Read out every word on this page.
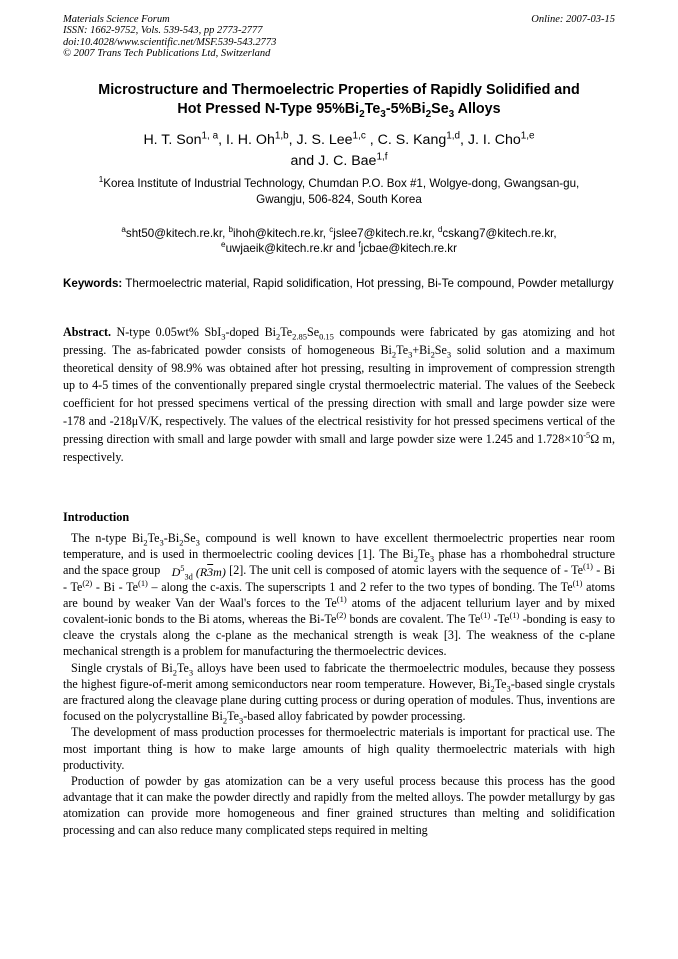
Materials Science Forum
ISSN: 1662-9752, Vols. 539-543, pp 2773-2777
doi:10.4028/www.scientific.net/MSF.539-543.2773
© 2007 Trans Tech Publications Ltd, Switzerland
Online: 2007-03-15
Microstructure and Thermoelectric Properties of Rapidly Solidified and
Hot Pressed N-Type $95\%Bi_2Te_3-5\%Bi_2Se_3$ Alloys
H. T. Son$^{1, a}$, I. H. Oh$^{1,b}$, J. S. Lee$^{1,c}$ , C. S. Kang$^{1,d}$, J. I. Cho$^{1,e}$
and J. C. Bae$^{1,f}$
$^1$Korea Institute of Industrial Technology, Chumdan P.O. Box #1, Wolgye-dong, Gwangsan-gu,
Gwangju, 506-824, South Korea
$^a$sht50@kitech.re.kr, $^b$ihoh@kitech.re.kr, $^c$jslee7@kitech.re.kr, $^d$cskang7@kitech.re.kr,
$^e$uwjaeik@kitech.re.kr and $^f$jcbae@kitech.re.kr
Keywords: Thermoelectric material, Rapid solidification, Hot pressing, Bi-Te compound, Powder metallurgy
Abstract. N-type 0.05wt% SbI$_3$-doped $Bi_2Te_{2.85}Se_{0.15}$ compounds were fabricated by gas atomizing and hot pressing. The as-fabricated powder consists of homogeneous $Bi_2Te_3+Bi_2Se_3$ solid solution and a maximum theoretical density of 98.9% was obtained after hot pressing, resulting in improvement of compression strength up to 4-5 times of the conventionally prepared single crystal thermoelectric material. The values of the Seebeck coefficient for hot pressed specimens vertical of the pressing direction with small and large powder size were -178 and -218μV/K, respectively. The values of the electrical resistivity for hot pressed specimens vertical of the pressing direction with small and large powder with small and large powder size were 1.245 and $1.728\times 10^{-5}\Omega$ m, respectively.
Introduction

The n-type $Bi_2Te_3-Bi_2Se_3$ compound is well known to have excellent thermoelectric properties near room temperature, and is used in thermoelectric cooling devices [1]. The $Bi_2Te_3$ phase has a rhombohedral structure and the space group $D^5_{3d}$ (R3m) [2]. The unit cell is composed of atomic layers with the sequence of - Te$^{(1)}$ - Bi - Te$^{(2)}$ - Bi - Te$^{(1)}$ – along the c-axis. The superscripts 1 and 2 refer to the two types of bonding. The Te$^{(1)}$ atoms are bound by weaker Van der Waal's forces to the Te$^{(1)}$ atoms of the adjacent tellurium layer and by mixed covalent-ionic bonds to the Bi atoms, whereas the Bi-Te$^{(2)}$ bonds are covalent. The Te$^{(1)}$ -Te$^{(1)}$ -bonding is easy to cleave the crystals along the c-plane as the mechanical strength is weak [3]. The weakness of the c-plane mechanical strength is a problem for manufacturing the thermoelectric devices.

Single crystals of $Bi_2Te_3$ alloys have been used to fabricate the thermoelectric modules, because they possess the highest figure-of-merit among semiconductors near room temperature. However, $Bi_2Te_3$-based single crystals are fractured along the cleavage plane during cutting process or during operation of modules. Thus, inventions are focused on the polycrystalline $Bi_2Te_3$-based alloy fabricated by powder processing.

The development of mass production processes for thermoelectric materials is important for practical use. The most important thing is how to make large amounts of high quality thermoelectric materials with high productivity.

Production of powder by gas atomization can be a very useful process because this process has the good advantage that it can make the powder directly and rapidly from the melted alloys. The powder metallurgy by gas atomization can provide more homogeneous and finer grained structures than melting and solidification processing and can also reduce many complicated steps required in melting
